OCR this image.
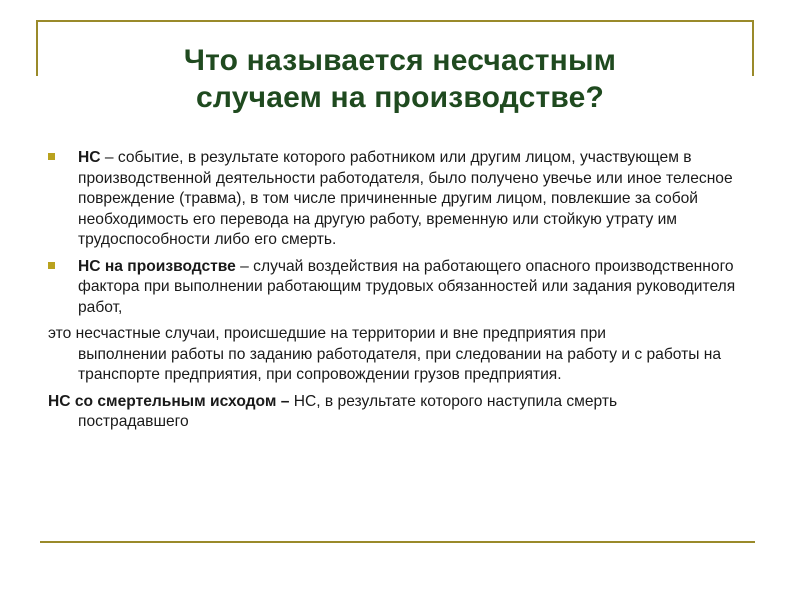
Что называется несчастным
случаем на производстве?
НС – событие, в результате которого работником или другим лицом, участвующем в производственной деятельности работодателя, было получено увечье или иное телесное повреждение (травма), в том числе причиненные другим лицом, повлекшие за собой необходимость его перевода на другую работу, временную или стойкую утрату им трудоспособности либо его смерть.
НС на производстве – случай воздействия на работающего опасного производственного фактора при выполнении работающим трудовых обязанностей или задания руководителя работ,
это несчастные случаи, происшедшие на территории и вне предприятия при
выполнении работы по заданию работодателя, при следовании на работу и с работы на транспорте предприятия, при сопровождении грузов предприятия.
НС со смертельным исходом – НС, в результате которого наступила смерть
пострадавшего
